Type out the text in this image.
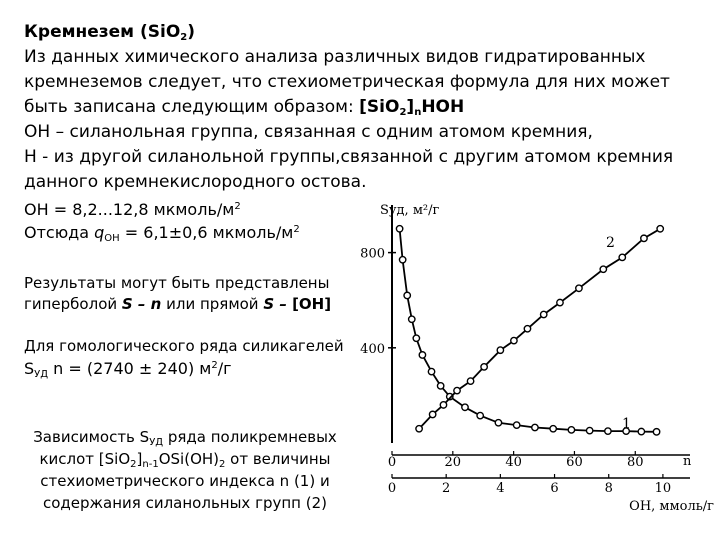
Кремнезем (SiO$_2$)
Из данных химического анализа различных видов гидратированных
кремнеземов следует, что стехиометрическая формула для них может
быть записана следующим образом: $[SiO_2]_nHOH$
OH – силанольная группа, связанная с одним атомом кремния,
H - из другой силанольной группы,связанной с другим атомом кремния
данного кремнекислородного остова.
OH = 8,2...12,8 мкмоль/$м^2$
Отсюда $q_{OH} = 6,1\pm 0,6$ мкмоль/$м^2$
Результаты могут быть представлены
гиперболой S – n или прямой S – [OH]
Для гомологического ряда силикагелей
$S_{УД}$ n = (2740 ± 240) $м^2/г$
Зависимость $S_{УД}$ ряда поликремневых
кислот $[SiO_2]_{n-1}OSi(OH)_2$ от величины
стехиометрического индекса n (1) и
содержания силанольных групп (2)
Sуд, м²/г
800
400
0	20	40	60	80	n
0	2	4	6	8	10
OH, ммоль/г
1
2
